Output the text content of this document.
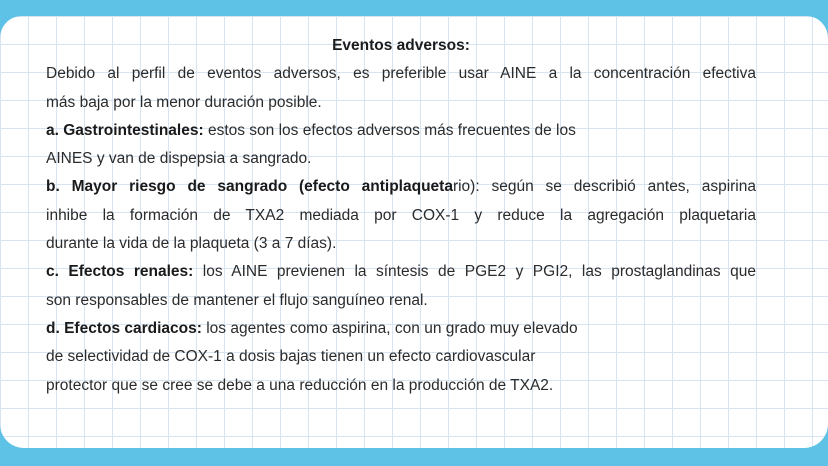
Eventos adversos:
Debido al perfil de eventos adversos, es preferible usar AINE a la concentración efectiva
más baja por la menor duración posible.
a. Gastrointestinales: estos son los efectos adversos más frecuentes de los
AINES y van de dispepsia a sangrado.
b. Mayor riesgo de sangrado (efecto antiplaquetario): según se describió antes, aspirina
inhibe la formación de TXA2 mediada por COX-1 y reduce la agregación plaquetaria
durante la vida de la plaqueta (3 a 7 días).
c. Efectos renales: los AINE previenen la síntesis de PGE2 y PGI2, las prostaglandinas que
son responsables de mantener el flujo sanguíneo renal.
d. Efectos cardiacos: los agentes como aspirina, con un grado muy elevado
de selectividad de COX-1 a dosis bajas tienen un efecto cardiovascular
protector que se cree se debe a una reducción en la producción de TXA2.
